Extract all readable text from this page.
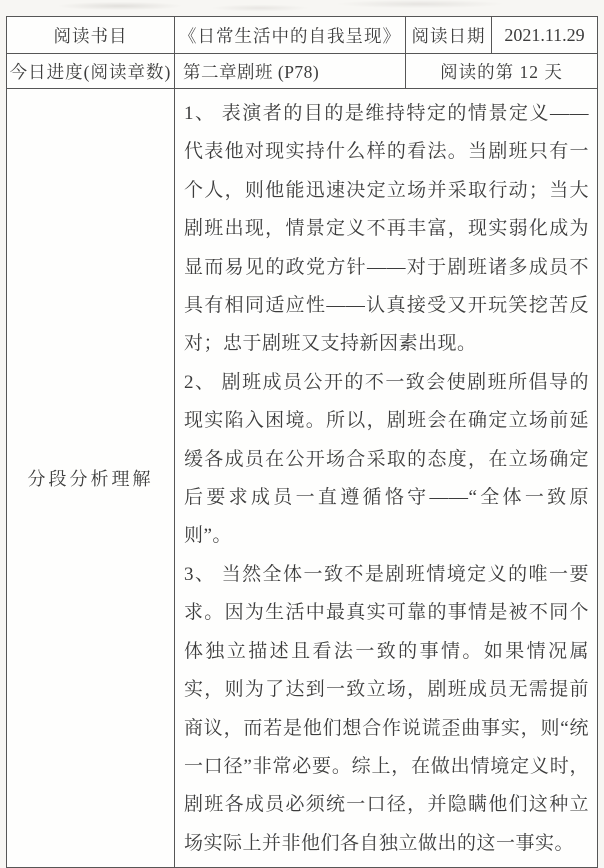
阅读书目	《日常生活中的自我呈现》	阅读日期	2021.11.29
今日进度(阅读章数)	第二章剧班 (P78)	阅读的第 12 天	
分段分析理解	1、 表演者的目的是维持特定的情景定义——代表他对现实持什么样的看法。当剧班只有一个人，则他能迅速决定立场并采取行动；当大剧班出现，情景定义不再丰富，现实弱化成为显而易见的政党方针——对于剧班诸多成员不具有相同适应性——认真接受又开玩笑挖苦反对；忠于剧班又支持新因素出现。

2、 剧班成员公开的不一致会使剧班所倡导的现实陷入困境。所以，剧班会在确定立场前延缓各成员在公开场合采取的态度，在立场确定后要求成员一直遵循恪守——“全体一致原则”。

3、 当然全体一致不是剧班情境定义的唯一要求。因为生活中最真实可靠的事情是被不同个体独立描述且看法一致的事情。如果情况属实，则为了达到一致立场，剧班成员无需提前商议，而若是他们想合作说谎歪曲事实，则“统一口径”非常必要。综上，在做出情境定义时，剧班各成员必须统一口径，并隐瞒他们这种立场实际上并非他们各自独立做出的这一事实。		
